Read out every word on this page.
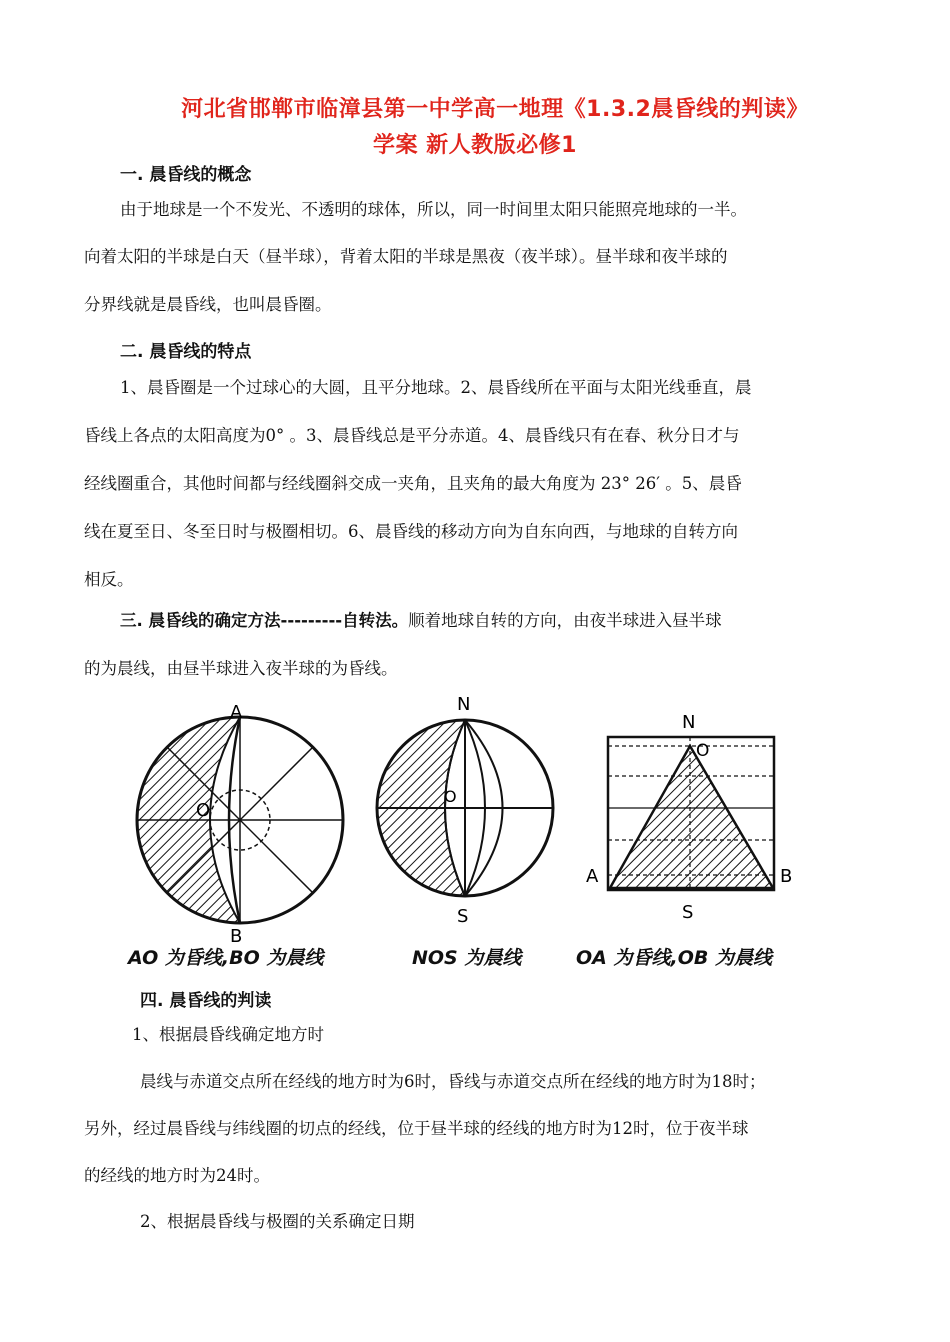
河北省邯郸市临漳县第一中学高一地理《1.3.2晨昏线的判读》
学案 新人教版必修1
一. 晨昏线的概念
由于地球是一个不发光、不透明的球体，所以，同一时间里太阳只能照亮地球的一半。
向着太阳的半球是白天（昼半球），背着太阳的半球是黑夜（夜半球）。昼半球和夜半球的
分界线就是晨昏线，也叫晨昏圈。
二. 晨昏线的特点
1、晨昏圈是一个过球心的大圆，且平分地球。2、晨昏线所在平面与太阳光线垂直，晨
昏线上各点的太阳高度为0° 。3、晨昏线总是平分赤道。4、晨昏线只有在春、秋分日才与
经线圈重合，其他时间都与经线圈斜交成一夹角，且夹角的最大角度为 23° 26′ 。5、晨昏
线在夏至日、冬至日时与极圈相切。6、晨昏线的移动方向为自东向西，与地球的自转方向
相反。
三. 晨昏线的确定方法---------自转法。顺着地球自转的方向，由夜半球进入昼半球
的为晨线，由昼半球进入夜半球的为昏线。
A
B
O
N
S
O
N
O
A	B
S
AO 为昏线,BO 为晨线	NOS 为晨线	OA 为昏线,OB 为晨线
四. 晨昏线的判读
1、根据晨昏线确定地方时
晨线与赤道交点所在经线的地方时为6时，昏线与赤道交点所在经线的地方时为18时；
另外，经过晨昏线与纬线圈的切点的经线，位于昼半球的经线的地方时为12时，位于夜半球
的经线的地方时为24时。
2、根据晨昏线与极圈的关系确定日期
